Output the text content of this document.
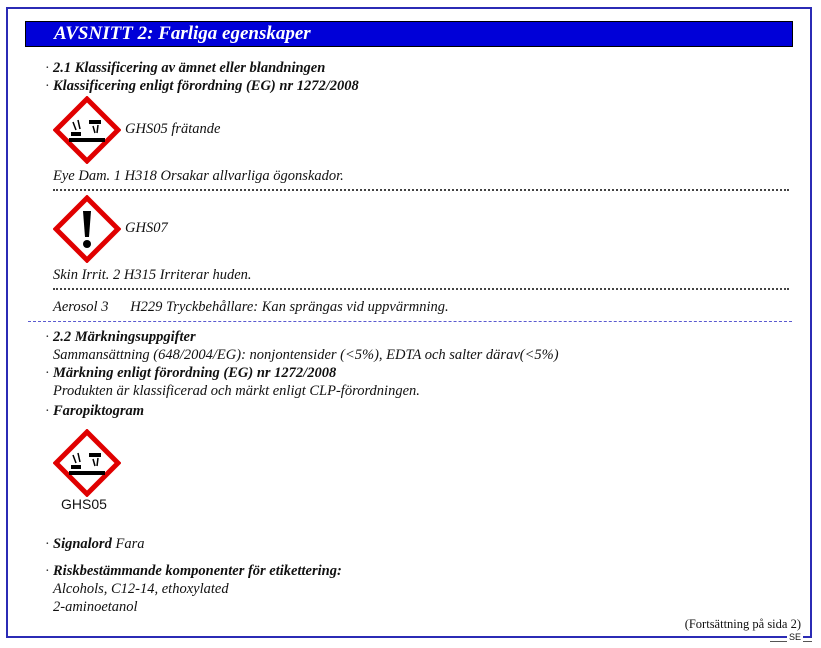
AVSNITT 2: Farliga egenskaper
· 2.1 Klassificering av ämnet eller blandningen
· Klassificering enligt förordning (EG) nr 1272/2008
GHS05 frätande
Eye Dam. 1 H318 Orsakar allvarliga ögonskador.
GHS07
Skin Irrit. 2 H315 Irriterar huden.
Aerosol 3      H229 Tryckbehållare: Kan sprängas vid uppvärmning.
· 2.2 Märkningsuppgifter
Sammansättning (648/2004/EG): nonjontensider (<5%), EDTA och salter därav(<5%)
· Märkning enligt förordning (EG) nr 1272/2008
Produkten är klassificerad och märkt enligt CLP-förordningen.
· Faropiktogram
GHS05
· Signalord Fara
· Riskbestämmande komponenter för etikettering:
Alcohols, C12-14, ethoxylated
2-aminoetanol
(Fortsättning på sida 2)
SE
